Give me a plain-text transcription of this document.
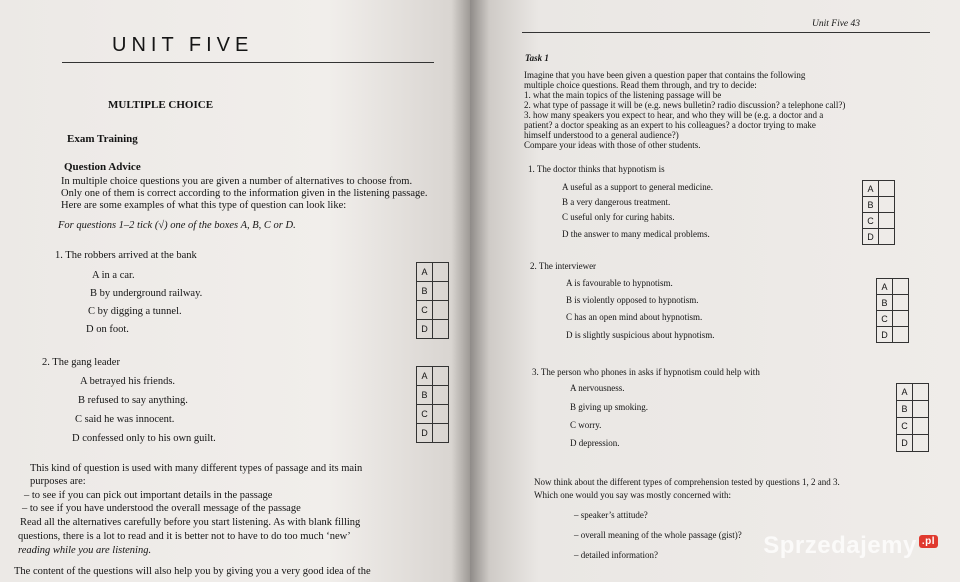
UNIT FIVE
MULTIPLE CHOICE
Exam Training
Question Advice
In multiple choice questions you are given a number of alternatives to choose from.
Only one of them is correct according to the information given in the listening passage.
Here are some examples of what this type of question can look like:
For questions 1–2 tick (√) one of the boxes A, B, C or D.
1. The robbers arrived at the bank
A in a car.
B by underground railway.
C by digging a tunnel.
D on foot.
A
B
C
D
2. The gang leader
A betrayed his friends.
B refused to say anything.
C said he was innocent.
D confessed only to his own guilt.
A
B
C
D
This kind of question is used with many different types of passage and its main
purposes are:
– to see if you can pick out important details in the passage
– to see if you have understood the overall message of the passage
Read all the alternatives carefully before you start listening. As with blank filling
questions, there is a lot to read and it is better not to have to do too much ‘new’
reading while you are listening.
The content of the questions will also help you by giving you a very good idea of the
Unit Five 43
Task 1
Imagine that you have been given a question paper that contains the following
multiple choice questions. Read them through, and try to decide:
1. what the main topics of the listening passage will be
2. what type of passage it will be (e.g. news bulletin? radio discussion? a telephone call?)
3. how many speakers you expect to hear, and who they will be (e.g. a doctor and a
patient? a doctor speaking as an expert to his colleagues? a doctor trying to make
himself understood to a general audience?)
Compare your ideas with those of other students.
1. The doctor thinks that hypnotism is
A useful as a support to general medicine.
B a very dangerous treatment.
C useful only for curing habits.
D the answer to many medical problems.
A
B
C
D
2. The interviewer
A is favourable to hypnotism.
B is violently opposed to hypnotism.
C has an open mind about hypnotism.
D is slightly suspicious about hypnotism.
A
B
C
D
3. The person who phones in asks if hypnotism could help with
A nervousness.
B giving up smoking.
C worry.
D depression.
A
B
C
D
Now think about the different types of comprehension tested by questions 1, 2 and 3.
Which one would you say was mostly concerned with:
– speaker’s attitude?
– overall meaning of the whole passage (gist)?
– detailed information?	Sprzedajemy .pl
